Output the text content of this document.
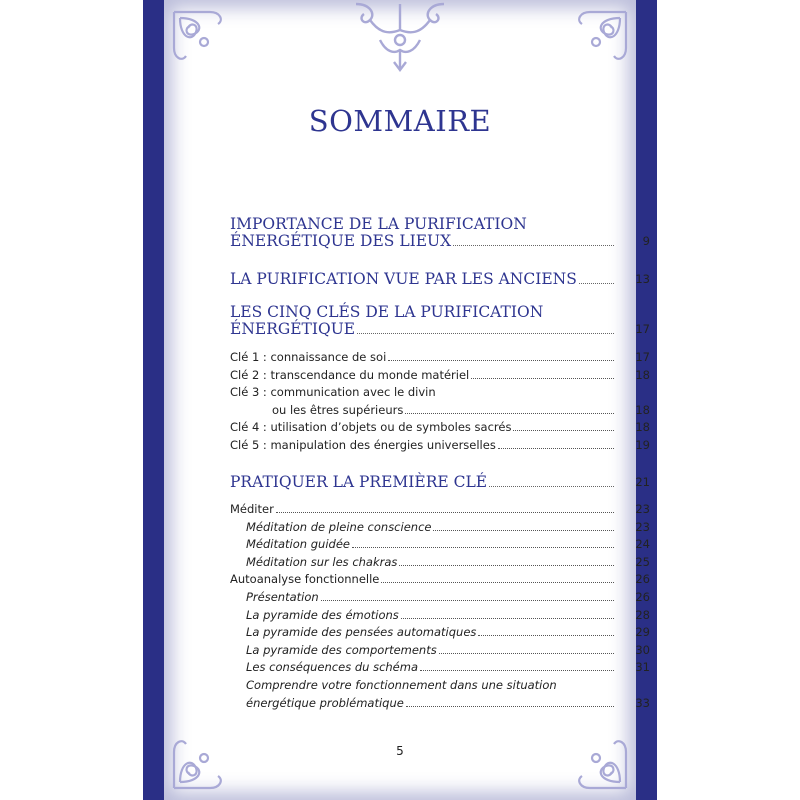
SOMMAIRE
IMPORTANCE DE LA PURIFICATION
ÉNERGÉTIQUE DES LIEUX	9
LA PURIFICATION VUE PAR LES ANCIENS	13
LES CINQ CLÉS DE LA PURIFICATION
ÉNERGÉTIQUE	17
Clé 1 : connaissance de soi	17
Clé 2 : transcendance du monde matériel	18
Clé 3 : communication avec le divin
ou les êtres supérieurs	18
Clé 4 : utilisation d’objets ou de symboles sacrés	18
Clé 5 : manipulation des énergies universelles	19
PRATIQUER LA PREMIÈRE CLÉ	21
Méditer	23
Méditation de pleine conscience	23
Méditation guidée	24
Méditation sur les chakras	25
Autoanalyse fonctionnelle	26
Présentation	26
La pyramide des émotions	28
La pyramide des pensées automatiques	29
La pyramide des comportements	30
Les conséquences du schéma	31
Comprendre votre fonctionnement dans une situation
énergétique problématique	33
5
